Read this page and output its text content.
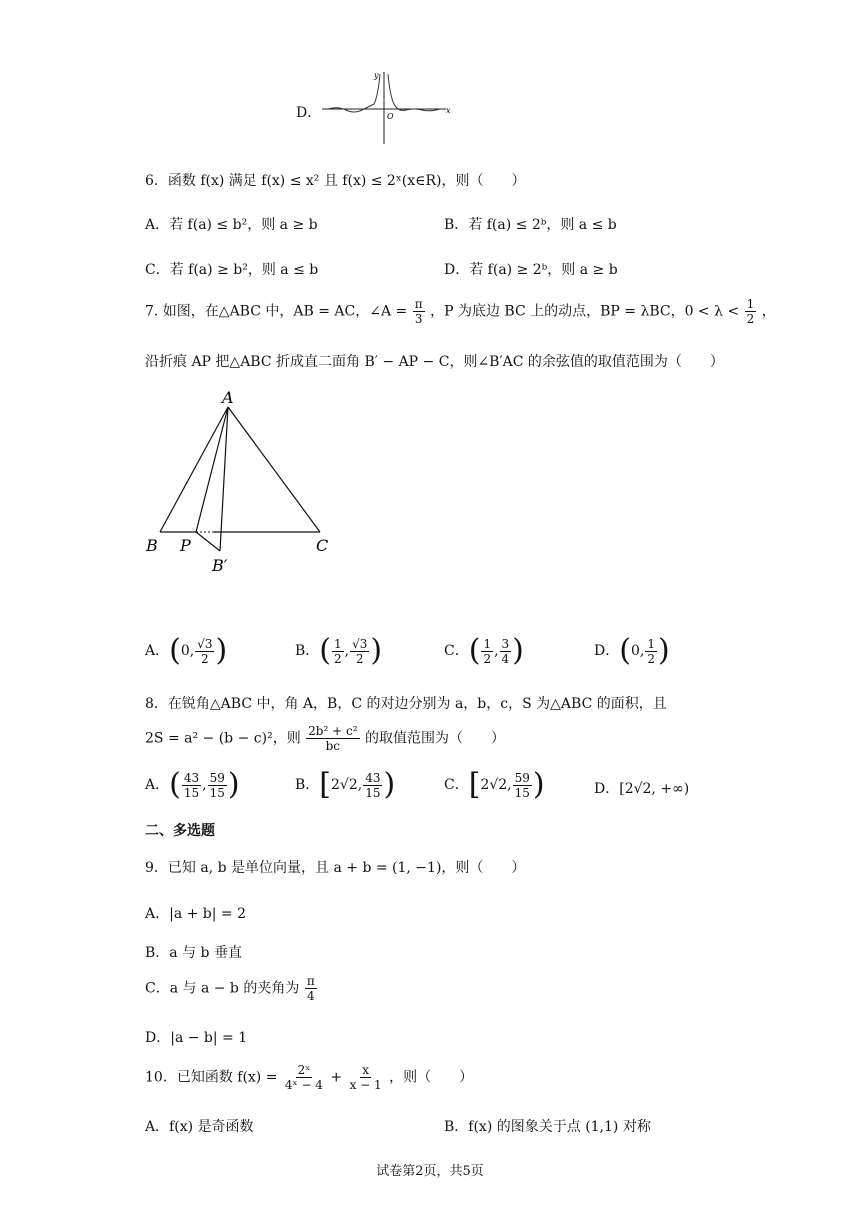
D．
y
x
O
6．函数 f(x) 满足 f(x) ≤ x² 且 f(x) ≤ 2ˣ(x∈R)，则（　　）
A．若 f(a) ≤ b²，则 a ≥ b	B．若 f(a) ≤ 2ᵇ，则 a ≤ b
C．若 f(a) ≥ b²，则 a ≤ b	D．若 f(a) ≥ 2ᵇ，则 a ≥ b
7. 如图，在△ABC 中，AB = AC，∠A = $\frac{\pi}{3}$ ，P 为底边 BC 上的动点，BP = λBC，$0 < \lambda < \frac{1}{2}$ ，
沿折痕 AP 把△ABC 折成直二面角 B′ − AP − C，则∠B′AC 的余弦值的取值范围为（　　）
A
B P	C
B′
A．(0, $\frac{√3}{2}$ )	B．( $\frac{1}{2}$ , $\frac{√3}{2}$ )	C．( $\frac{1}{2}$ , $\frac{3}{4}$ )	D．(0, $\frac{1}{2}$ )
8．在锐角△ABC 中，角 A，B，C 的对边分别为 a，b，c，S 为△ABC 的面积，且
2S = a² − (b − c)²，则 $\frac{\text{2b² + c²}}{bc}$ 的取值范围为（　　）
A．( $\frac{43}{15}$ , $\frac{59}{15}$ )	B．[2√2, $\frac{43}{15}$ )	C．[2√2, $\frac{59}{15}$ )	D．[2√2, +∞)
二、多选题
9．已知 a, b 是单位向量，且 a + b = (1, −1)，则（　　）
A．|a + b| = 2
B．a 与 b 垂直
C．a 与 a − b 的夹角为 $\frac{\pi}{4}$
D．|a − b| = 1
10．已知函数 $f(x) = \frac{\text{2ˣ}}{\text{4ˣ − 4}} + \frac{x}{x - 1}$ ，则（　　）
A．f(x) 是奇函数	B．f(x) 的图象关于点 (1,1) 对称
试卷第2页，共5页
